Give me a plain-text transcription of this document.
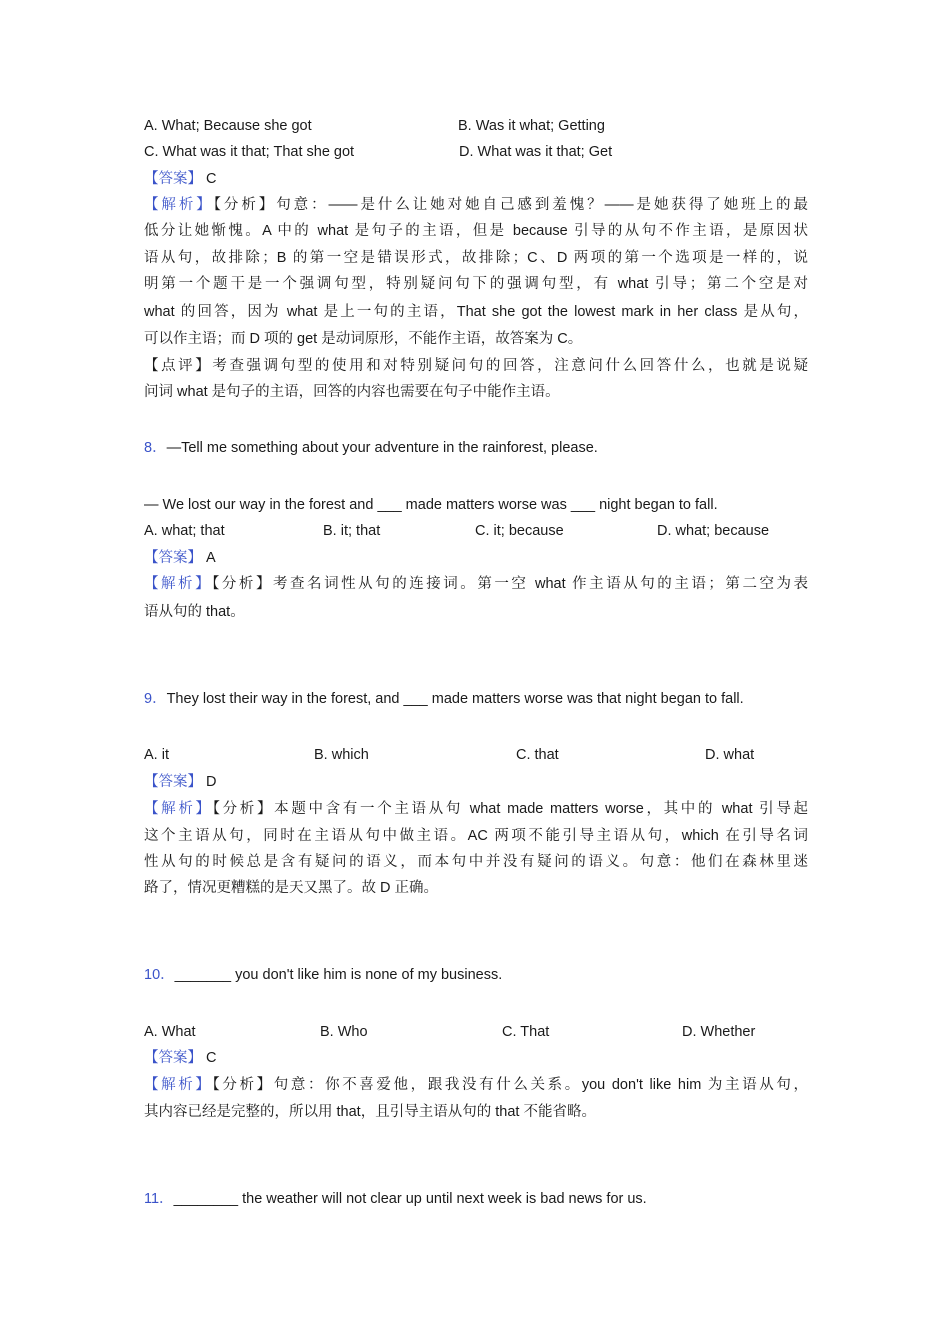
A. What; Because she got	B. Was it what; Getting
C. What was it that; That she got	D. What was it that; Get
【答案】 C
【解析】【分析】句意：——是什么让她对她自己感到羞愧？——是她获得了她班上的最
低分让她惭愧。A 中的 what 是句子的主语，但是 because 引导的从句不作主语，是原因状
语从句，故排除；B 的第一空是错误形式，故排除；C、D 两项的第一个选项是一样的，说
明第一个题干是一个强调句型，特别疑问句下的强调句型，有 what 引导；第二个空是对
what 的回答，因为 what 是上一句的主语，That she got the lowest mark in her class 是从句，
可以作主语；而 D 项的 get 是动词原形，不能作主语，故答案为 C。
【点评】考查强调句型的使用和对特别疑问句的回答，注意问什么回答什么，也就是说疑
问词 what 是句子的主语，回答的内容也需要在句子中能作主语。
8．—Tell me something about your adventure in the rainforest, please.
— We lost our way in the forest and ___ made matters worse was ___ night began to fall.
A. what; that	B. it; that	C. it; because	D. what; because
【答案】 A
【解析】【分析】考查名词性从句的连接词。第一空 what 作主语从句的主语；第二空为表
语从句的 that。
9．They lost their way in the forest, and ___ made matters worse was that night began to fall.
A. it	B. which	C. that	D. what
【答案】 D
【解析】【分析】本题中含有一个主语从句 what made matters worse，其中的 what 引导起
这个主语从句，同时在主语从句中做主语。AC 两项不能引导主语从句，which 在引导名词
性从句的时候总是含有疑问的语义，而本句中并没有疑问的语义。句意：他们在森林里迷
路了，情况更糟糕的是天又黑了。故 D 正确。
10．_______ you don't like him is none of my business.
A. What	B. Who	C. That	D. Whether
【答案】 C
【解析】【分析】句意：你不喜爱他，跟我没有什么关系。you don't like him 为主语从句，
其内容已经是完整的，所以用 that，且引导主语从句的 that 不能省略。
11．________ the weather will not clear up until next week is bad news for us.
